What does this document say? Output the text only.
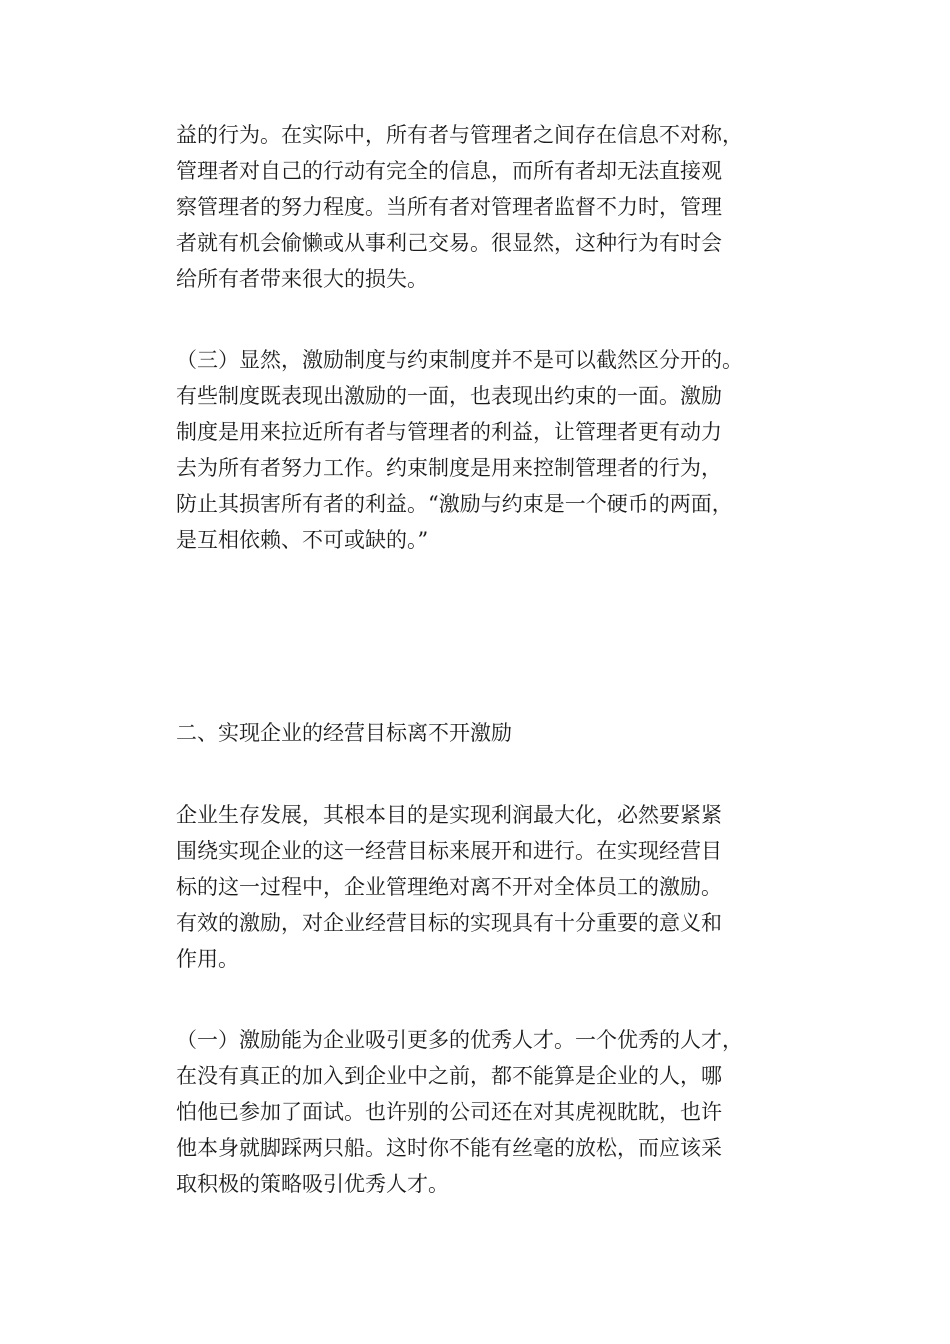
益的行为。在实际中，所有者与管理者之间存在信息不对称，
管理者对自己的行动有完全的信息，而所有者却无法直接观
察管理者的努力程度。当所有者对管理者监督不力时，管理
者就有机会偷懒或从事利己交易。很显然，这种行为有时会
给所有者带来很大的损失。
（三）显然，激励制度与约束制度并不是可以截然区分开的。
有些制度既表现出激励的一面，也表现出约束的一面。激励
制度是用来拉近所有者与管理者的利益，让管理者更有动力
去为所有者努力工作。约束制度是用来控制管理者的行为，
防止其损害所有者的利益。“激励与约束是一个硬币的两面，
是互相依赖、不可或缺的。”
二、实现企业的经营目标离不开激励
企业生存发展，其根本目的是实现利润最大化，必然要紧紧
围绕实现企业的这一经营目标来展开和进行。在实现经营目
标的这一过程中，企业管理绝对离不开对全体员工的激励。
有效的激励，对企业经营目标的实现具有十分重要的意义和
作用。
（一）激励能为企业吸引更多的优秀人才。一个优秀的人才，
在没有真正的加入到企业中之前，都不能算是企业的人，哪
怕他已参加了面试。也许别的公司还在对其虎视眈眈，也许
他本身就脚踩两只船。这时你不能有丝毫的放松，而应该采
取积极的策略吸引优秀人才。
